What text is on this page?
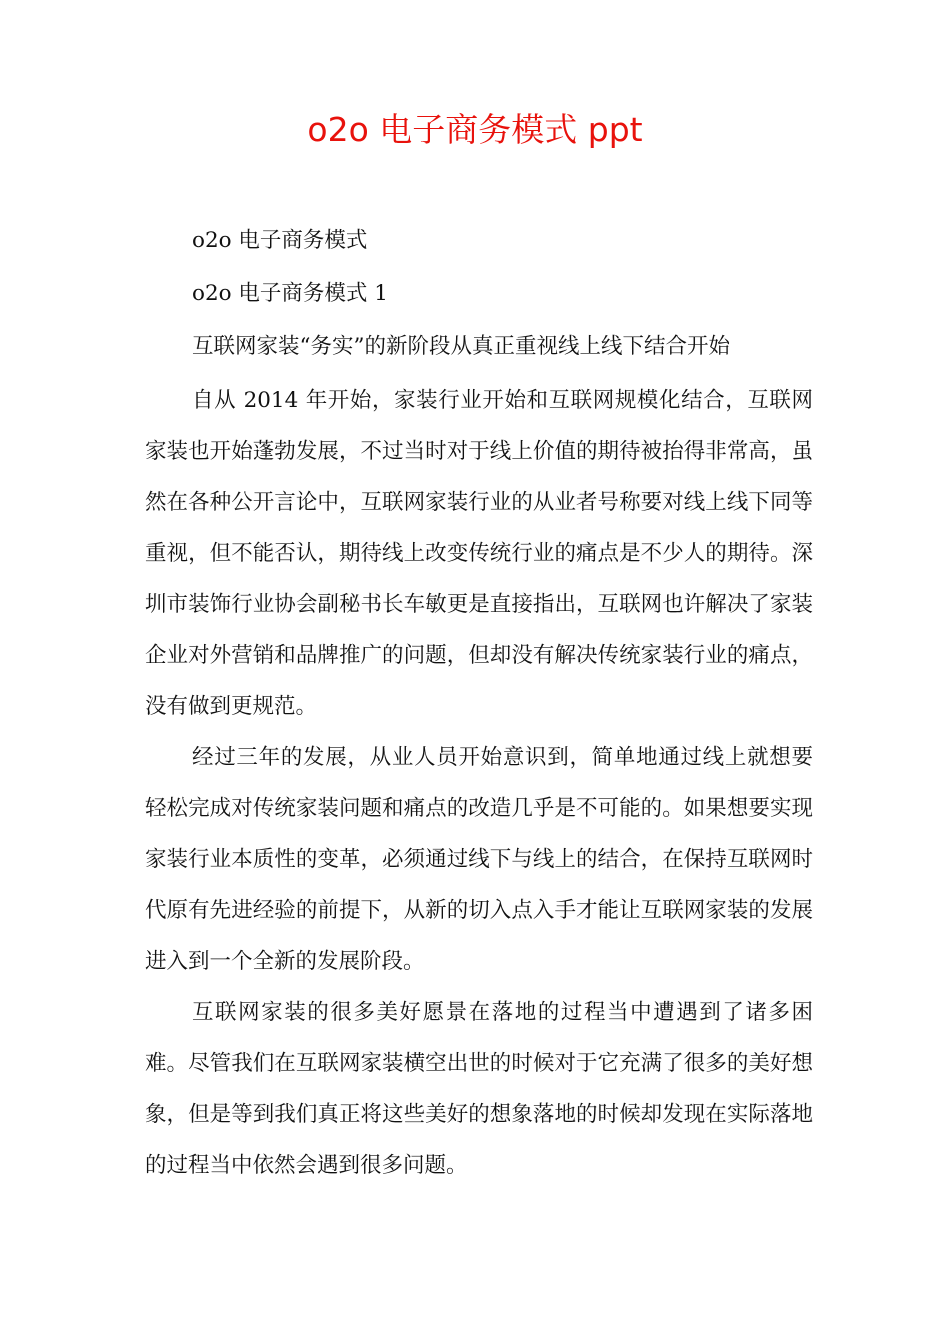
o2o 电子商务模式 ppt

o2o 电子商务模式

o2o 电子商务模式 1

互联网家装“务实”的新阶段从真正重视线上线下结合开始

自从 2014 年开始，家装行业开始和互联网规模化结合，互联网家装也开始蓬勃发展，不过当时对于线上价值的期待被抬得非常高，虽然在各种公开言论中，互联网家装行业的从业者号称要对线上线下同等重视，但不能否认，期待线上改变传统行业的痛点是不少人的期待。深圳市装饰行业协会副秘书长车敏更是直接指出，互联网也许解决了家装企业对外营销和品牌推广的问题，但却没有解决传统家装行业的痛点，没有做到更规范。

经过三年的发展，从业人员开始意识到，简单地通过线上就想要轻松完成对传统家装问题和痛点的改造几乎是不可能的。如果想要实现家装行业本质性的变革，必须通过线下与线上的结合，在保持互联网时代原有先进经验的前提下，从新的切入点入手才能让互联网家装的发展进入到一个全新的发展阶段。

互联网家装的很多美好愿景在落地的过程当中遭遇到了诸多困难。尽管我们在互联网家装横空出世的时候对于它充满了很多的美好想象，但是等到我们真正将这些美好的想象落地的时候却发现在实际落地的过程当中依然会遇到很多问题。
